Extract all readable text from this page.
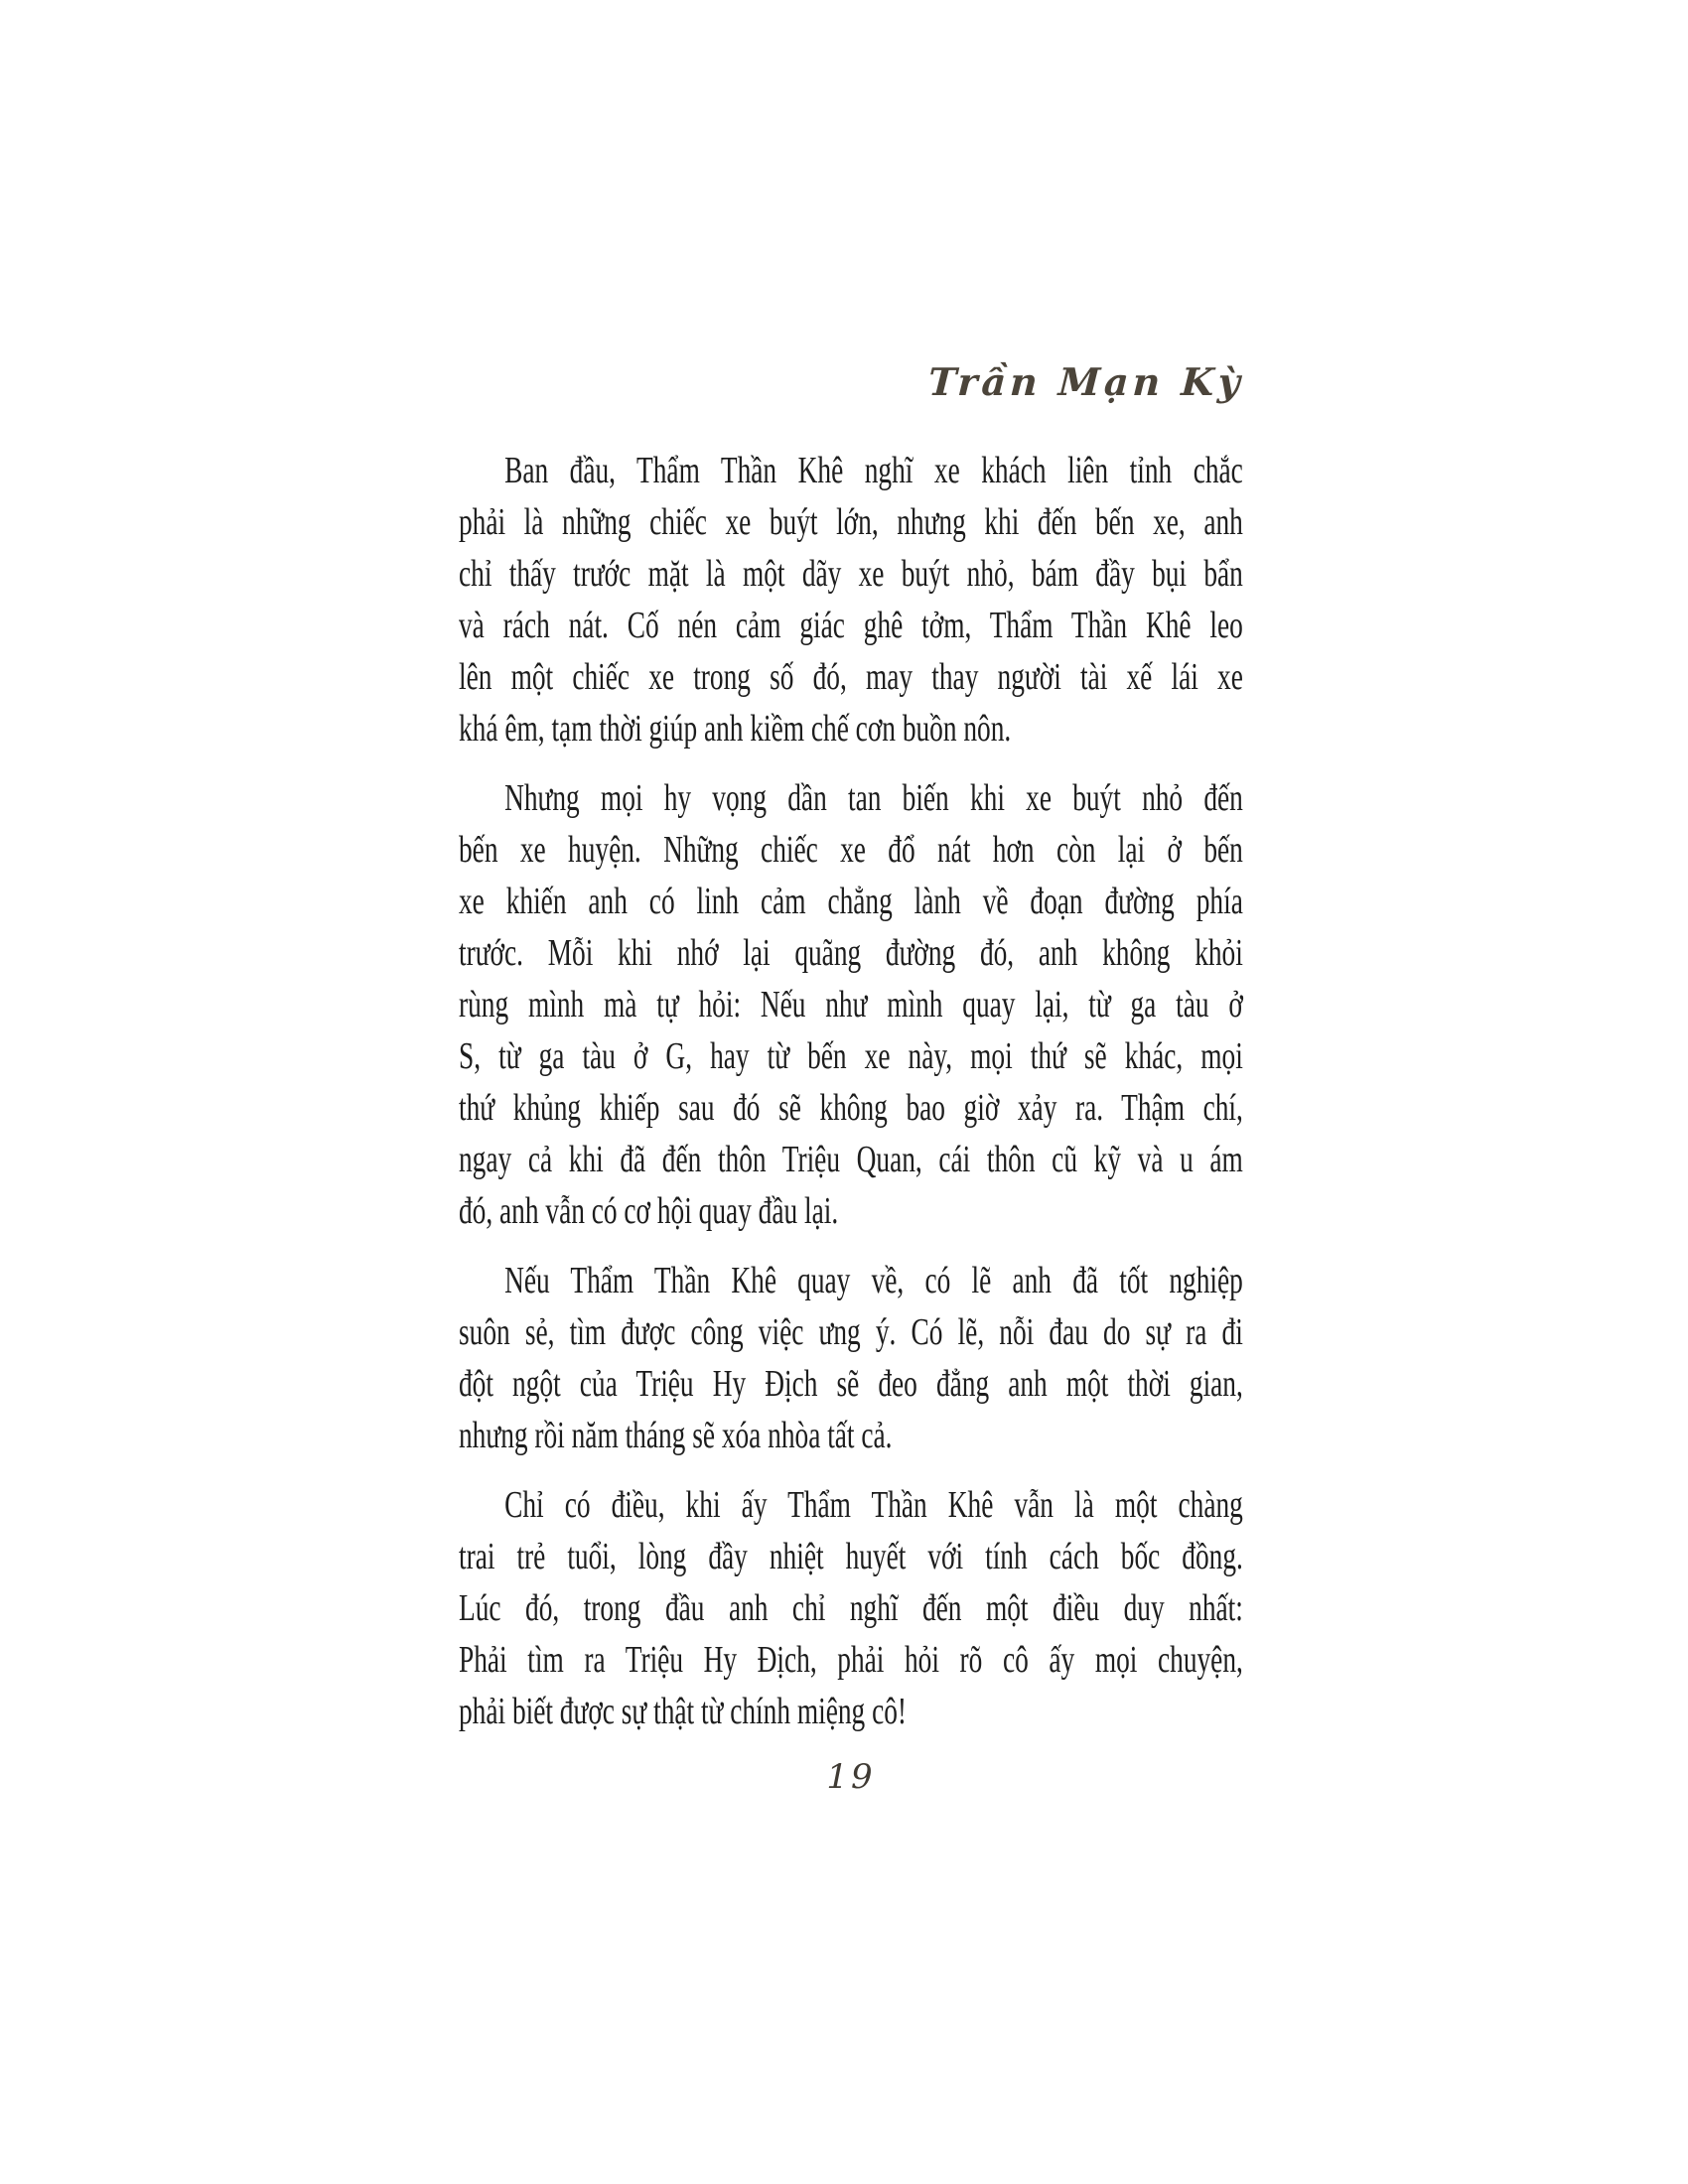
Trần Mạn Kỳ
Ban đầu, Thẩm Thần Khê nghĩ xe khách liên tỉnh chắc
phải là những chiếc xe buýt lớn, nhưng khi đến bến xe, anh
chỉ thấy trước mặt là một dãy xe buýt nhỏ, bám đầy bụi bẩn
và rách nát. Cố nén cảm giác ghê tởm, Thẩm Thần Khê leo
lên một chiếc xe trong số đó, may thay người tài xế lái xe
khá êm, tạm thời giúp anh kiềm chế cơn buồn nôn.
Nhưng mọi hy vọng dần tan biến khi xe buýt nhỏ đến
bến xe huyện. Những chiếc xe đổ nát hơn còn lại ở bến
xe khiến anh có linh cảm chẳng lành về đoạn đường phía
trước. Mỗi khi nhớ lại quãng đường đó, anh không khỏi
rùng mình mà tự hỏi: Nếu như mình quay lại, từ ga tàu ở
S, từ ga tàu ở G, hay từ bến xe này, mọi thứ sẽ khác, mọi
thứ khủng khiếp sau đó sẽ không bao giờ xảy ra. Thậm chí,
ngay cả khi đã đến thôn Triệu Quan, cái thôn cũ kỹ và u ám
đó, anh vẫn có cơ hội quay đầu lại.
Nếu Thẩm Thần Khê quay về, có lẽ anh đã tốt nghiệp
suôn sẻ, tìm được công việc ưng ý. Có lẽ, nỗi đau do sự ra đi
đột ngột của Triệu Hy Địch sẽ đeo đẳng anh một thời gian,
nhưng rồi năm tháng sẽ xóa nhòa tất cả.
Chỉ có điều, khi ấy Thẩm Thần Khê vẫn là một chàng
trai trẻ tuổi, lòng đầy nhiệt huyết với tính cách bốc đồng.
Lúc đó, trong đầu anh chỉ nghĩ đến một điều duy nhất:
Phải tìm ra Triệu Hy Địch, phải hỏi rõ cô ấy mọi chuyện,
phải biết được sự thật từ chính miệng cô!
19
